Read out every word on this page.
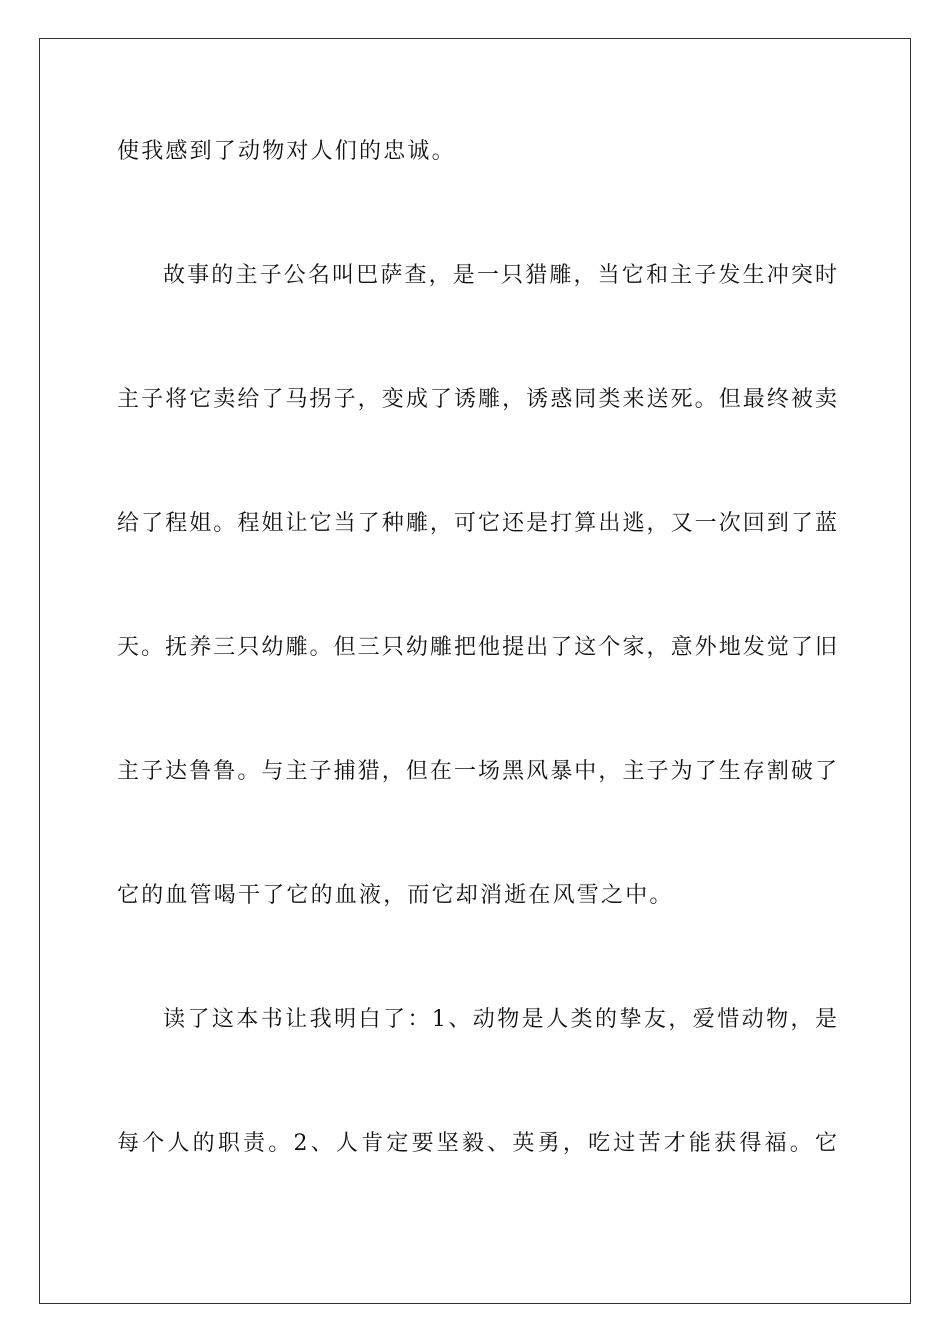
使我感到了动物对人们的忠诚。

故事的主子公名叫巴萨查，是一只猎雕，当它和主子发生冲突时

主子将它卖给了马拐子，变成了诱雕，诱惑同类来送死。但最终被卖

给了程姐。程姐让它当了种雕，可它还是打算出逃，又一次回到了蓝

天。抚养三只幼雕。但三只幼雕把他提出了这个家，意外地发觉了旧

主子达鲁鲁。与主子捕猎，但在一场黑风暴中，主子为了生存割破了

它的血管喝干了它的血液，而它却消逝在风雪之中。

读了这本书让我明白了：1、动物是人类的挚友，爱惜动物，是

每个人的职责。2、人肯定要坚毅、英勇，吃过苦才能获得福。它
